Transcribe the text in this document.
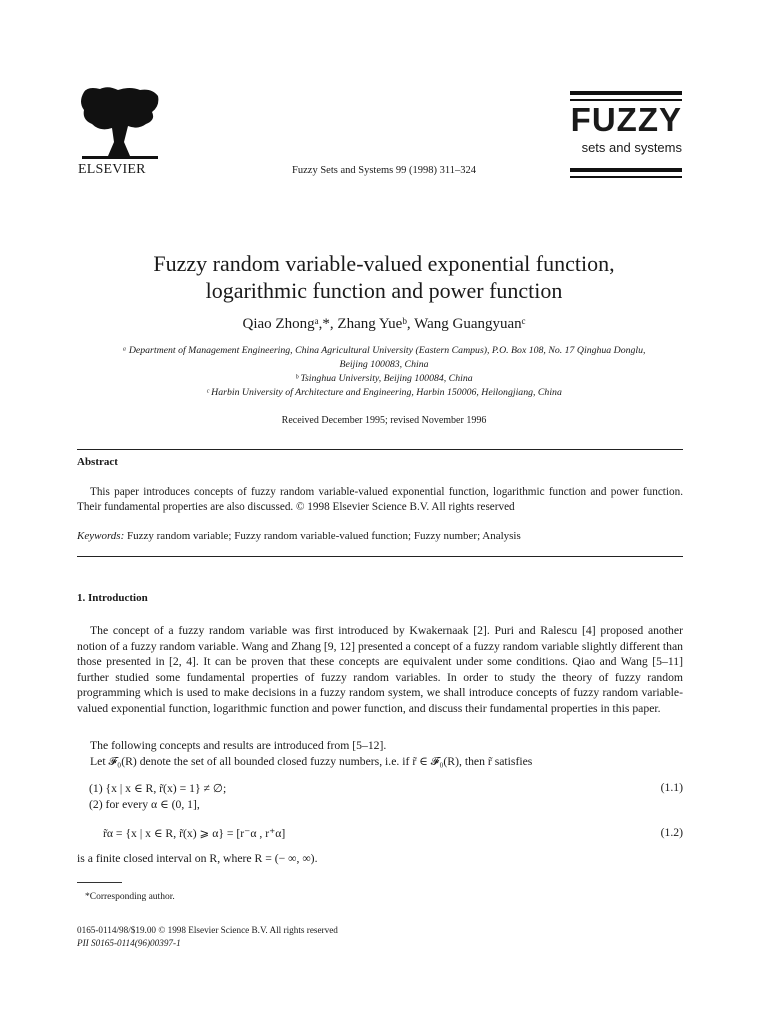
ELSEVIER	Fuzzy Sets and Systems 99 (1998) 311–324
FUZZY
sets and systems
Fuzzy random variable-valued exponential function,
logarithmic function and power function
Qiao Zhongᵃ,*, Zhang Yueᵇ, Wang Guangyuanᶜ
ᵃ Department of Management Engineering, China Agricultural University (Eastern Campus), P.O. Box 108, No. 17 Qinghua Donglu,
Beijing 100083, China
ᵇ Tsinghua University, Beijing 100084, China
ᶜ Harbin University of Architecture and Engineering, Harbin 150006, Heilongjiang, China
Received December 1995; revised November 1996
Abstract
This paper introduces concepts of fuzzy random variable-valued exponential function, logarithmic function and power function. Their fundamental properties are also discussed. © 1998 Elsevier Science B.V. All rights reserved
Keywords: Fuzzy random variable; Fuzzy random variable-valued function; Fuzzy number; Analysis
1. Introduction
The concept of a fuzzy random variable was first introduced by Kwakernaak [2]. Puri and Ralescu [4] proposed another notion of a fuzzy random variable. Wang and Zhang [9, 12] presented a concept of a fuzzy random variable slightly different than those presented in [2, 4]. It can be proven that these concepts are equivalent under some conditions. Qiao and Wang [5–11] further studied some fundamental properties of fuzzy random variables. In order to study the theory of fuzzy random programming which is used to make decisions in a fuzzy random system, we shall introduce concepts of fuzzy random variable-valued exponential function, logarithmic function and power function, and discuss their fundamental properties in this paper.
The following concepts and results are introduced from [5–12].
Let 𝓕₀(R) denote the set of all bounded closed fuzzy numbers, i.e. if r̃ ∈ 𝓕₀(R), then r̃ satisfies
(1) {x | x ∈ R, r̃(x) = 1} ≠ ∅;	(1.1)
(2) for every α ∈ (0, 1],
r̃α = {x | x ∈ R, r̃(x) ⩾ α} = [r⁻α , r⁺α]	(1.2)
is a finite closed interval on R, where R = (− ∞, ∞).
*Corresponding author.
0165-0114/98/$19.00 © 1998 Elsevier Science B.V. All rights reserved
PII S0165-0114(96)00397-1
